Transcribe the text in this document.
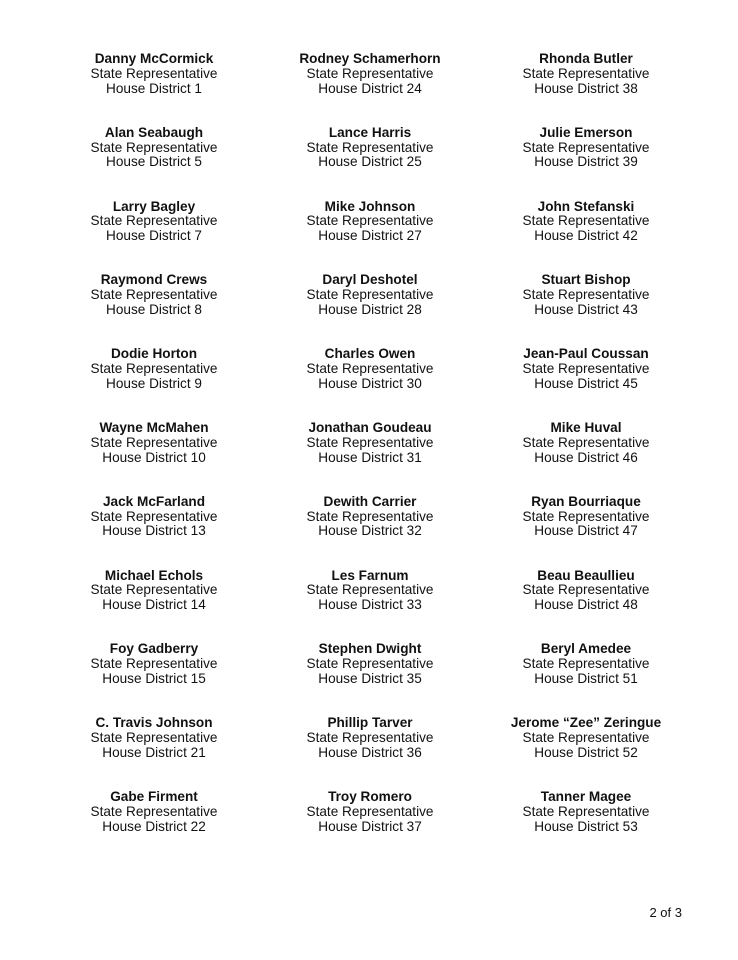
Danny McCormick
State Representative
House District 1
Alan Seabaugh
State Representative
House District 5
Larry Bagley
State Representative
House District 7
Raymond Crews
State Representative
House District 8
Dodie Horton
State Representative
House District 9
Wayne McMahen
State Representative
House District 10
Jack McFarland
State Representative
House District 13
Michael Echols
State Representative
House District 14
Foy Gadberry
State Representative
House District 15
C. Travis Johnson
State Representative
House District 21
Gabe Firment
State Representative
House District 22
Rodney Schamerhorn
State Representative
House District 24
Lance Harris
State Representative
House District 25
Mike Johnson
State Representative
House District 27
Daryl Deshotel
State Representative
House District 28
Charles Owen
State Representative
House District 30
Jonathan Goudeau
State Representative
House District 31
Dewith Carrier
State Representative
House District 32
Les Farnum
State Representative
House District 33
Stephen Dwight
State Representative
House District 35
Phillip Tarver
State Representative
House District 36
Troy Romero
State Representative
House District 37
Rhonda Butler
State Representative
House District 38
Julie Emerson
State Representative
House District 39
John Stefanski
State Representative
House District 42
Stuart Bishop
State Representative
House District 43
Jean-Paul Coussan
State Representative
House District 45
Mike Huval
State Representative
House District 46
Ryan Bourriaque
State Representative
House District 47
Beau Beaullieu
State Representative
House District 48
Beryl Amedee
State Representative
House District 51
Jerome “Zee” Zeringue
State Representative
House District 52
Tanner Magee
State Representative
House District 53
2 of 3
